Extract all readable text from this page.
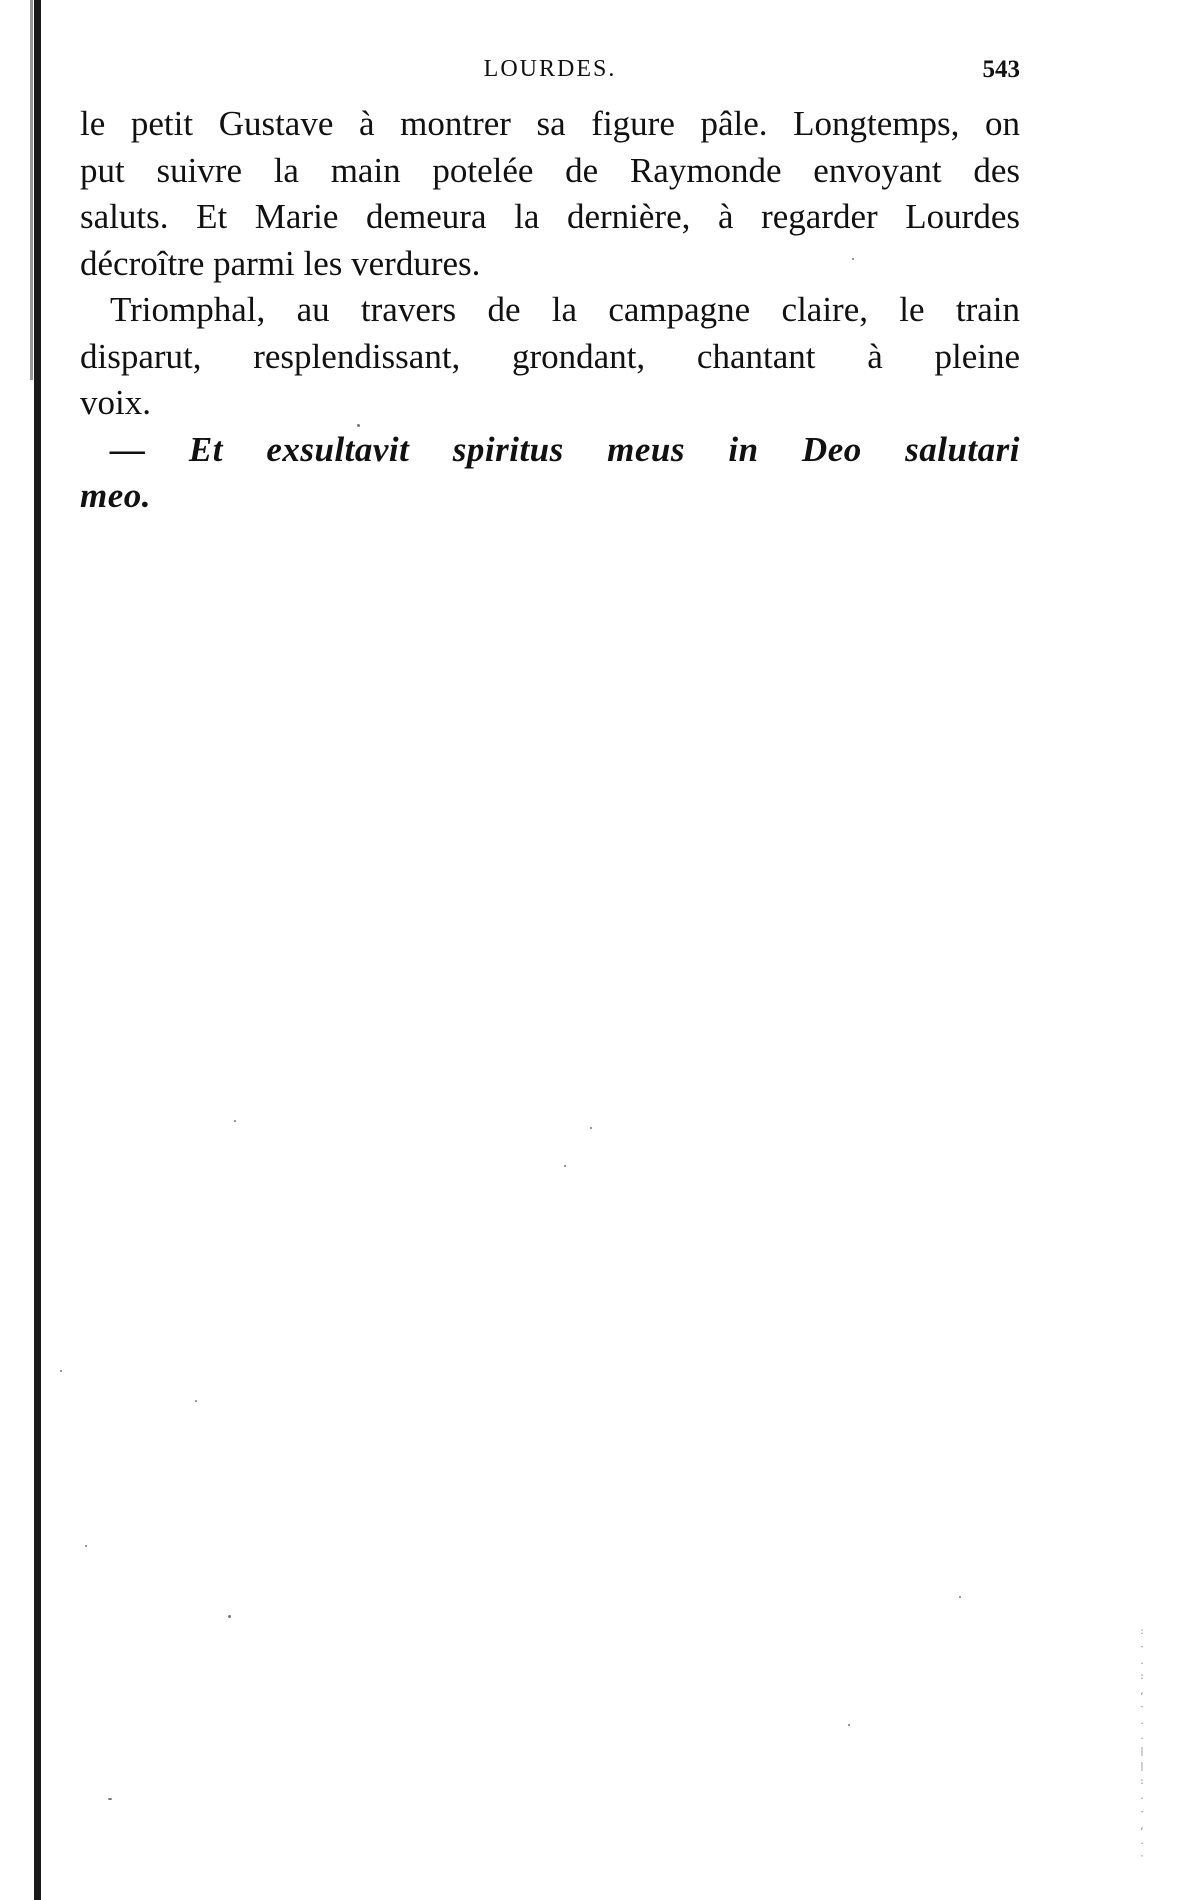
LOURDES.	543
le petit Gustave à montrer sa figure pâle. Longtemps, on
put suivre la main potelée de Raymonde envoyant des
saluts. Et Marie demeura la dernière, à regarder Lourdes
décroître parmi les verdures.
Triomphal, au travers de la campagne claire, le train
disparut, resplendissant, grondant, chantant à pleine
voix.
— Et exsultavit spiritus meus in Deo salutari
meo.
:
-
.
:
,
-
.
.
|
|
:
.
-
,
.
·
